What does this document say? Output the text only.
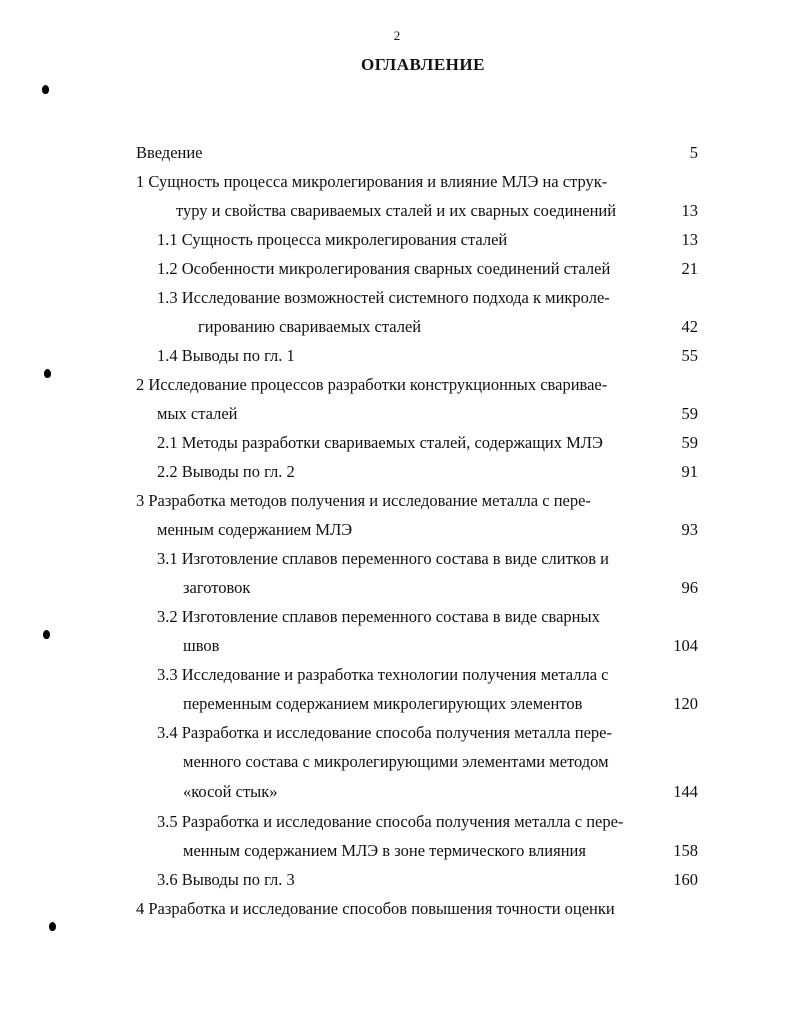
2
ОГЛАВЛЕНИЕ
Введение	5
1 Сущность процесса микролегирования и влияние МЛЭ на струк-
туру и свойства свариваемых сталей и их сварных соединений	13
1.1 Сущность процесса микролегирования сталей	13
1.2 Особенности микролегирования сварных соединений сталей	21
1.3 Исследование возможностей системного подхода к микроле-
гированию свариваемых сталей	42
1.4 Выводы по гл. 1	55
2 Исследование процессов разработки конструкционных сваривае-
мых сталей	59
2.1 Методы разработки свариваемых сталей, содержащих МЛЭ	59
2.2 Выводы по гл. 2	91
3 Разработка методов получения и исследование металла с пере-
менным содержанием МЛЭ	93
3.1 Изготовление сплавов переменного состава в виде слитков и
заготовок	96
3.2 Изготовление сплавов переменного состава в виде сварных
швов	104
3.3 Исследование и разработка технологии получения металла с
переменным содержанием микролегирующих элементов	120
3.4 Разработка и исследование способа получения металла пере-
менного состава с микролегирующими элементами методом
«косой стык»	144
3.5 Разработка и исследование способа получения металла с пере-
менным содержанием МЛЭ в зоне термического влияния	158
3.6 Выводы по гл. 3	160
4 Разработка и исследование способов повышения точности оценки
